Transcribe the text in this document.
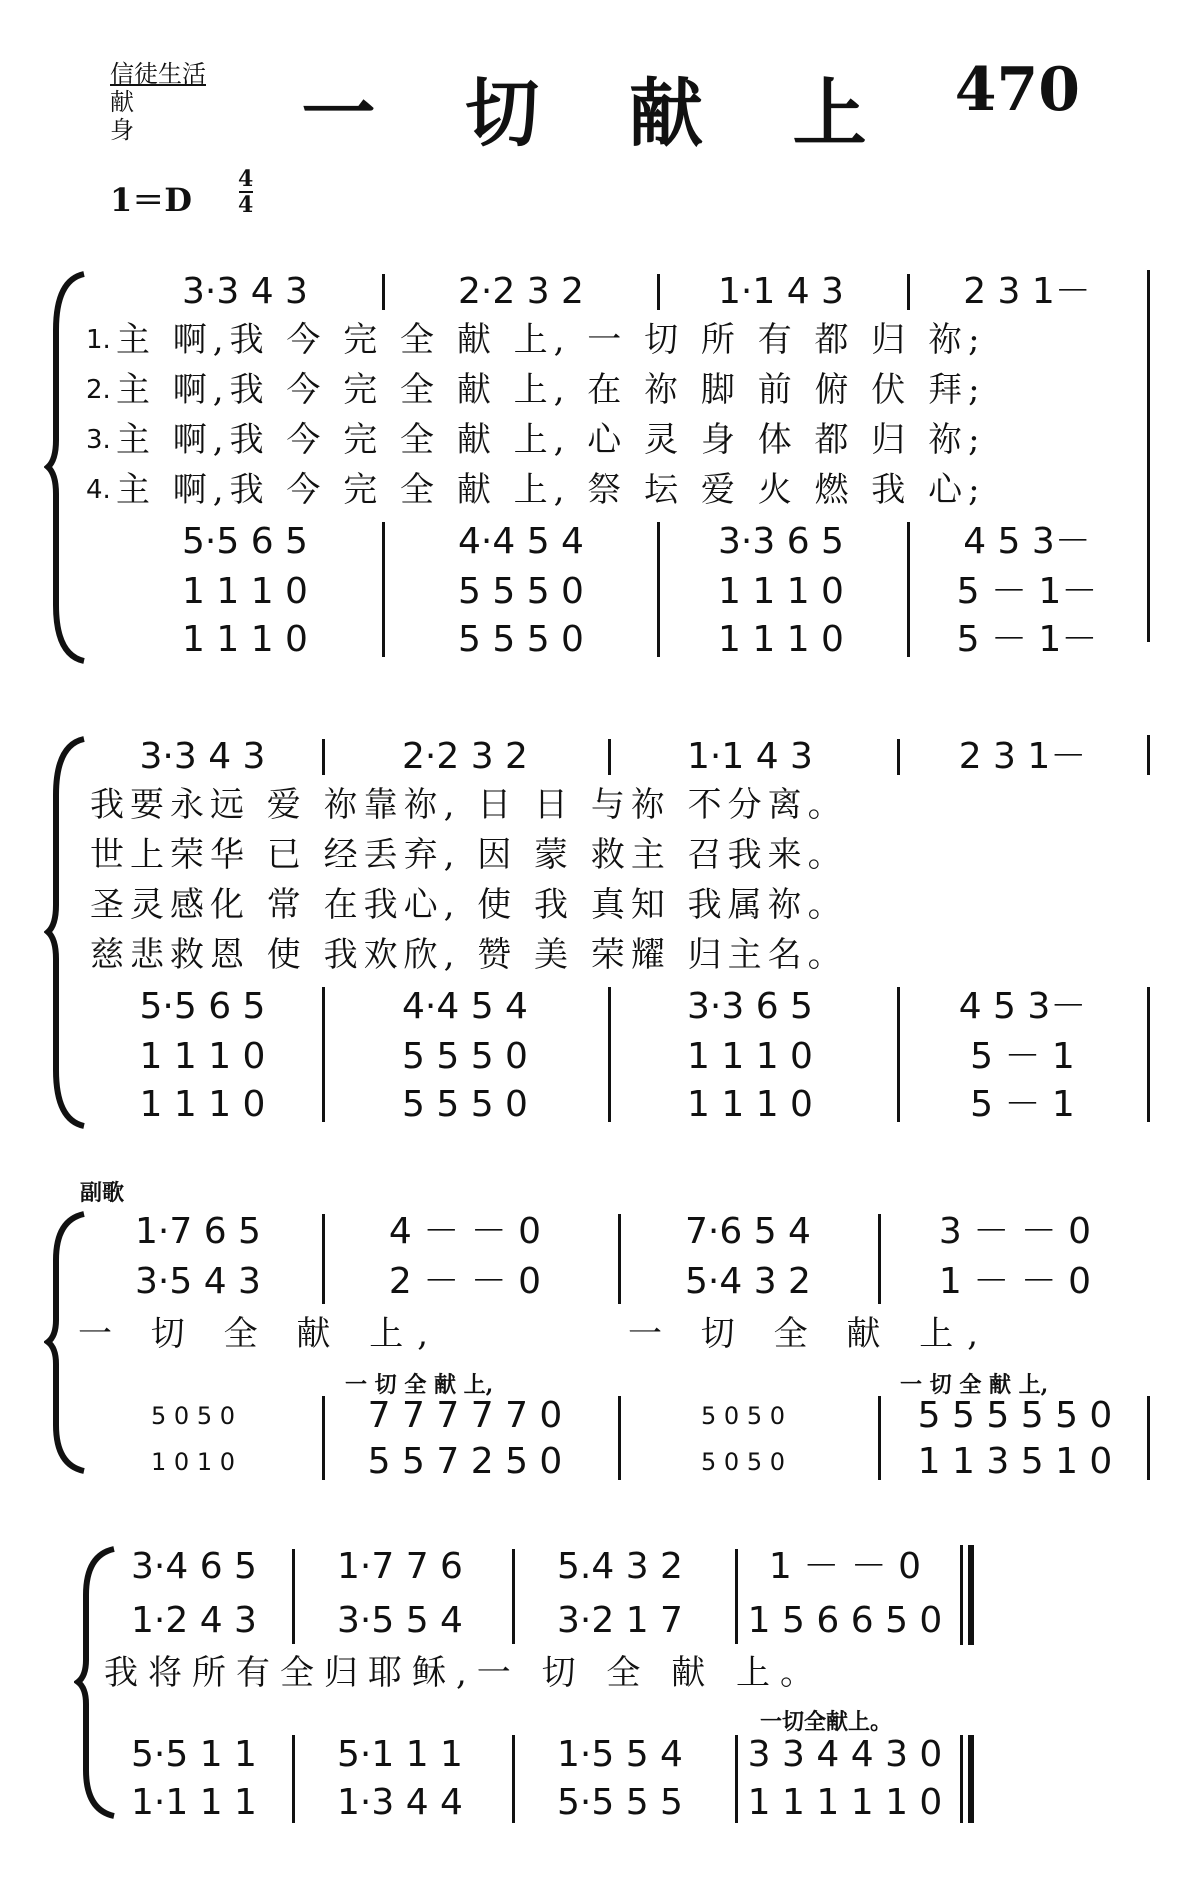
信徒生活
献 身	一 切 献 上 470
1＝D
4
4
3·3 4 3	2·2 3 2	1·1 4 3	2 3 1－
1. 主 啊,我 今 完 全 献 上, 一 切 所 有 都 归 祢;
2. 主 啊,我 今 完 全 献 上, 在 祢 脚 前 俯 伏 拜;
3. 主 啊,我 今 完 全 献 上, 心 灵 身 体 都 归 祢;
4. 主 啊,我 今 完 全 献 上, 祭 坛 爱 火 燃 我 心;
5·5 6 5	4·4 5 4	3·3 6 5	4 5 3－
1 1 1 0	5 5 5 0	1 1 1 0	5 － 1－
1 1 1 0	5 5 5 0	1 1 1 0	5 － 1－
3·3 4 3	2·2 3 2	1·1 4 3	2 3 1－
我要永远 爱 祢靠祢, 日 日 与祢 不分离。
世上荣华 已 经丢弃, 因 蒙 救主 召我来。
圣灵感化 常 在我心, 使 我 真知 我属祢。
慈悲救恩 使 我欢欣, 赞 美 荣耀 归主名。
5·5 6 5	4·4 5 4	3·3 6 5	4 5 3－
1 1 1 0	5 5 5 0	1 1 1 0	5 － 1
1 1 1 0	5 5 5 0	1 1 1 0	5 － 1
副歌
1·7 6 5	4 － － 0	7·6 5 4	3 － － 0
3·5 4 3	2 － － 0	5·4 3 2	1 － － 0
一 切 全 献 上,	一 切 全 献 上,
一 切 全 献 上,	一 切 全 献 上,
5 0 5 0	7 7 7 7 7 0	5 0 5 0	5 5 5 5 5 0
1 0 1 0	5 5 7 2 5 0	5 0 5 0	1 1 3 5 1 0
3·4 6 5	1·7 7 6	5.4 3 2	1 － － 0
1·2 4 3	3·5 5 4	3·2 1 7	1 5 6 6 5 0
我将所有全归耶稣,一 切 全 献 上。
一切全献上。
5·5 1 1	5·1 1 1	1·5 5 4	3 3 4 4 3 0
1·1 1 1	1·3 4 4	5·5 5 5	1 1 1 1 1 0
